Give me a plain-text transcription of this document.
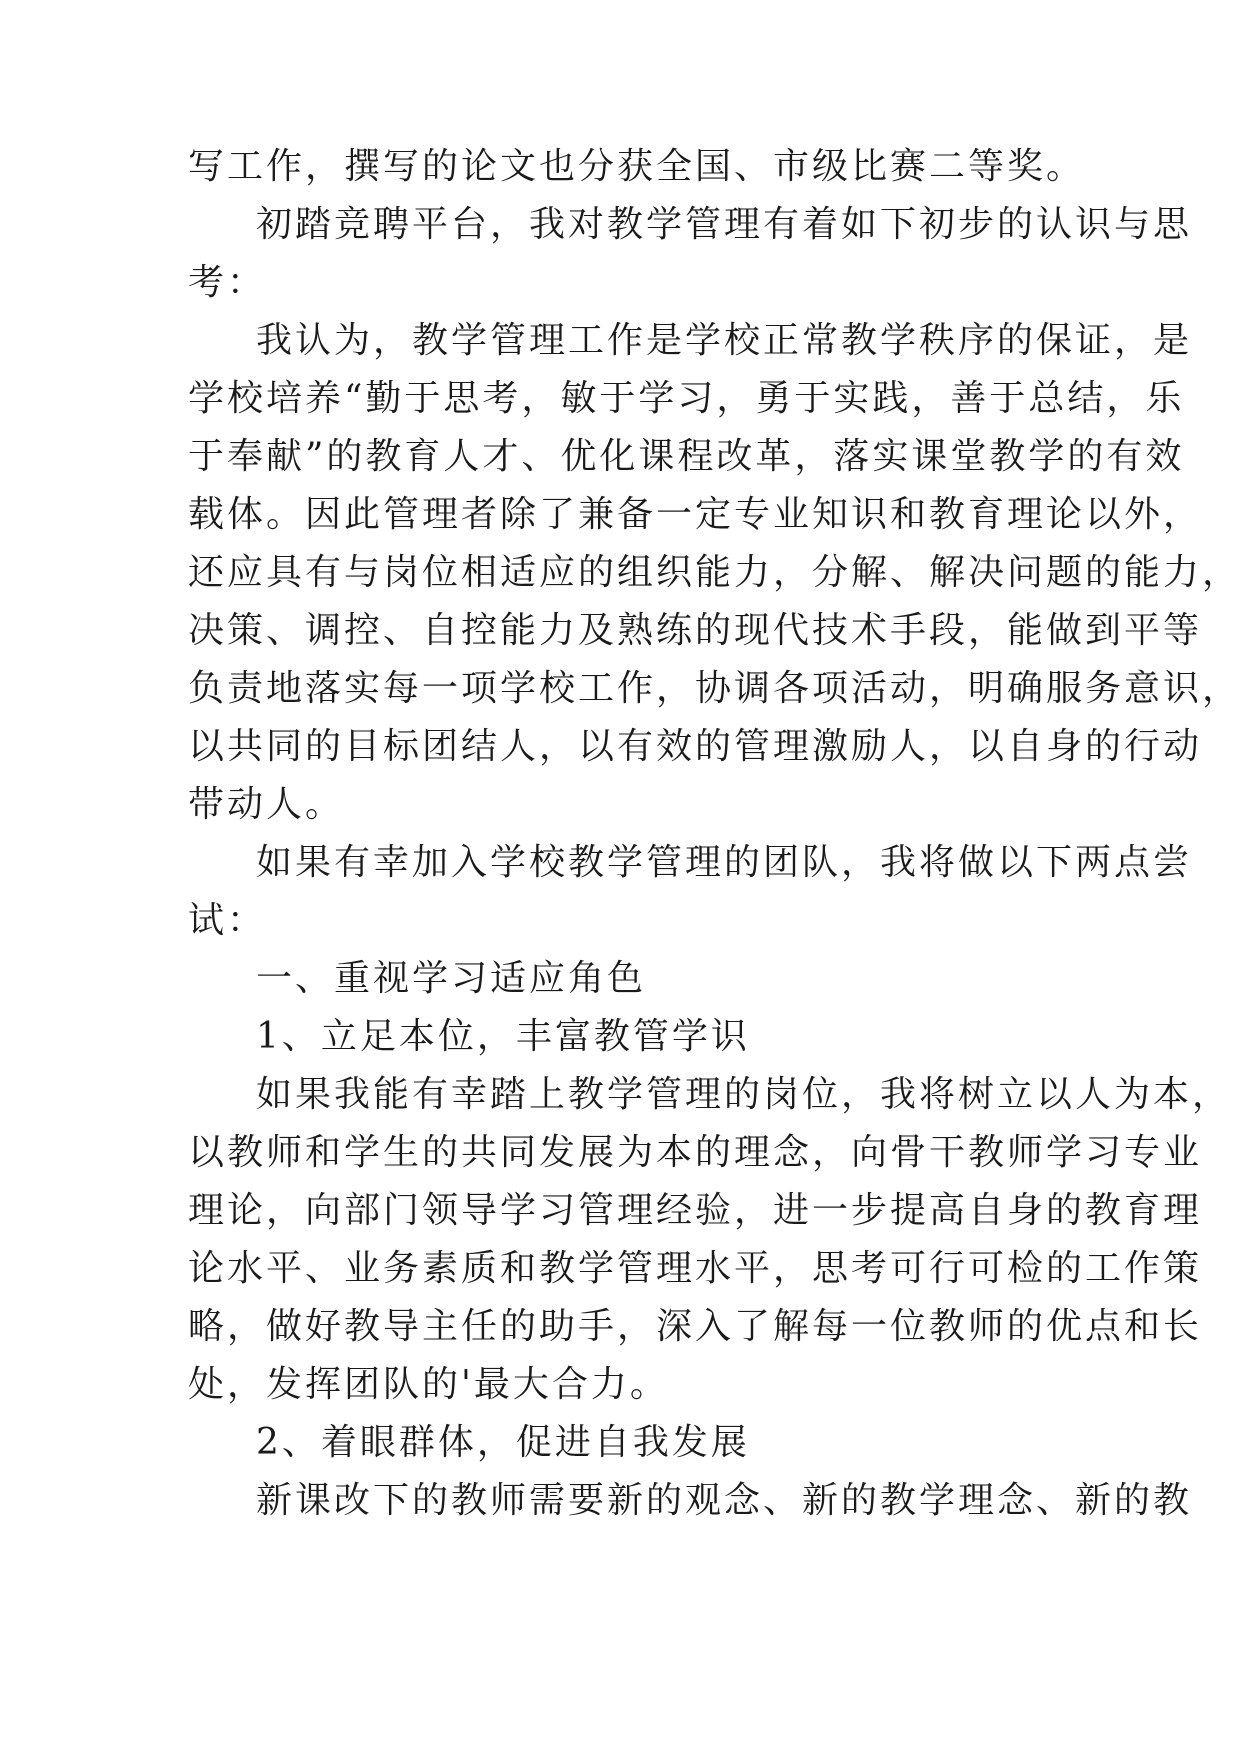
写工作，撰写的论文也分获全国、市级比赛二等奖。
初踏竞聘平台，我对教学管理有着如下初步的认识与思
考：
我认为，教学管理工作是学校正常教学秩序的保证，是
学校培养“勤于思考，敏于学习，勇于实践，善于总结，乐
于奉献”的教育人才、优化课程改革，落实课堂教学的有效
载体。因此管理者除了兼备一定专业知识和教育理论以外，
还应具有与岗位相适应的组织能力，分解、解决问题的能力，
决策、调控、自控能力及熟练的现代技术手段，能做到平等
负责地落实每一项学校工作，协调各项活动，明确服务意识，
以共同的目标团结人，以有效的管理激励人，以自身的行动
带动人。
如果有幸加入学校教学管理的团队，我将做以下两点尝
试：
一、重视学习适应角色
1、立足本位，丰富教管学识
如果我能有幸踏上教学管理的岗位，我将树立以人为本，
以教师和学生的共同发展为本的理念，向骨干教师学习专业
理论，向部门领导学习管理经验，进一步提高自身的教育理
论水平、业务素质和教学管理水平，思考可行可检的工作策
略，做好教导主任的助手，深入了解每一位教师的优点和长
处，发挥团队的'最大合力。
2、着眼群体，促进自我发展
新课改下的教师需要新的观念、新的教学理念、新的教
